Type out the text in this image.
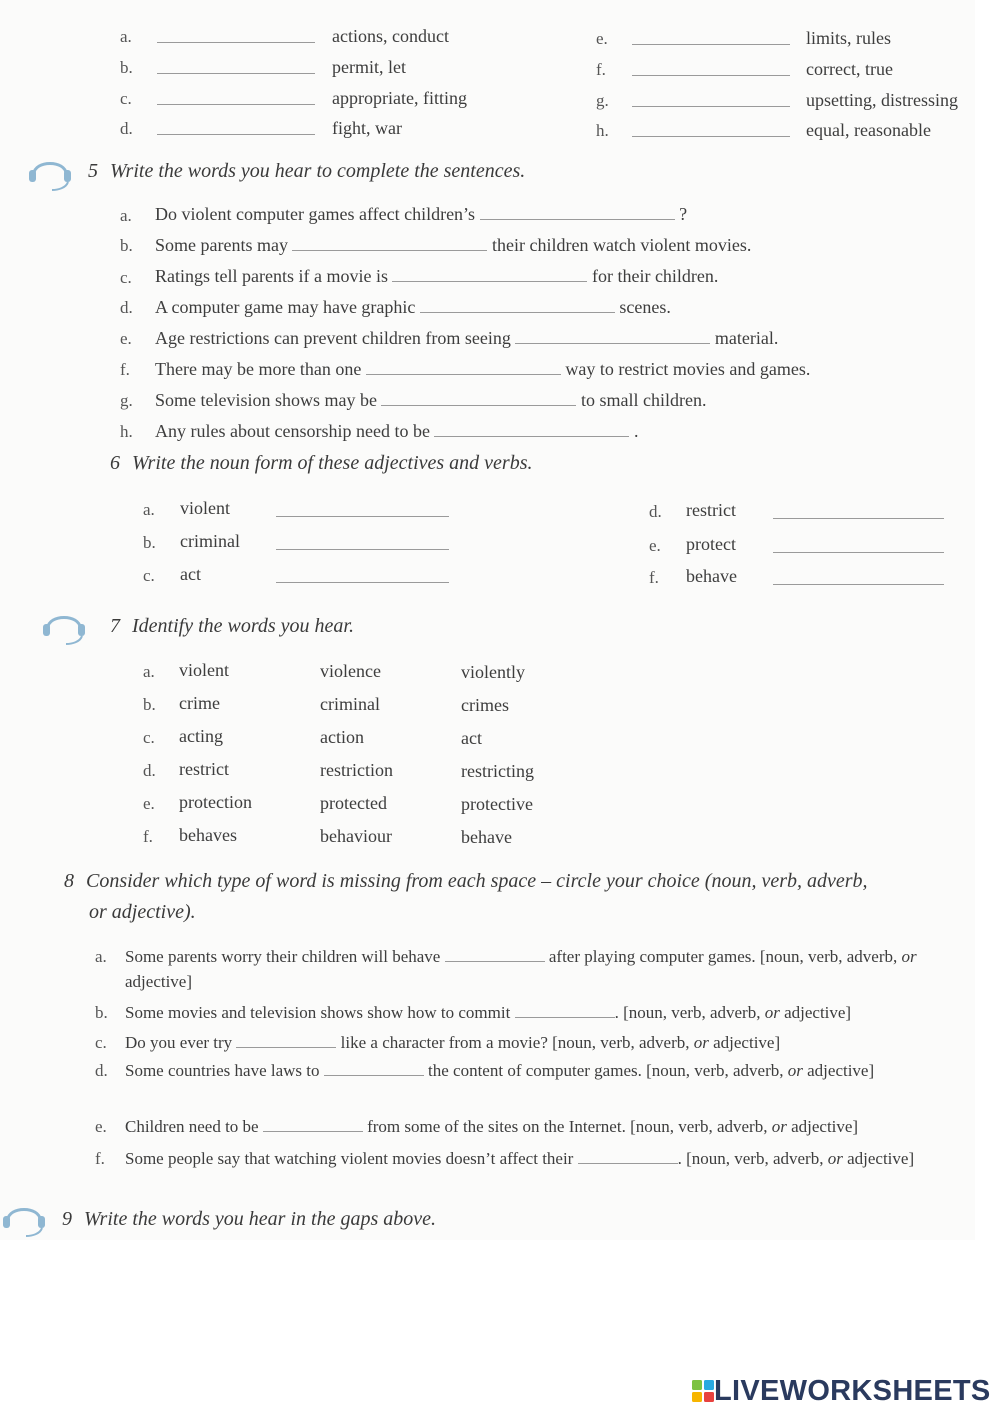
a.	actions, conduct
b.	permit, let
c.	appropriate, fitting
d.	fight, war
e.	limits, rules
f.	correct, true
g.	upsetting, distressing
h.	equal, reasonable
5 Write the words you hear to complete the sentences.
a. Do violent computer games affect children’s	?
b. Some parents may	their children watch violent movies.
c. Ratings tell parents if a movie is	for their children.
d. A computer game may have graphic	scenes.
e. Age restrictions can prevent children from seeing	material.
f. There may be more than one	way to restrict movies and games.
g. Some television shows may be	to small children.
h. Any rules about censorship need to be	.
6 Write the noun form of these adjectives and verbs.
a. violent
b. criminal
c. act
d. restrict
e. protect
f. behave
7 Identify the words you hear.
a. violent	violence	violently
b. crime	criminal	crimes
c. acting	action	act
d. restrict	restriction	restricting
e. protection	protected	protective
f. behaves	behaviour	behave
8 Consider which type of word is missing from each space – circle your choice (noun, verb, adverb,
or adjective).
a. Some parents worry their children will behave	after playing computer games. [noun, verb, adverb, or adjective]
b. Some movies and television shows show how to commit	. [noun, verb, adverb, or adjective]
c. Do you ever try	like a character from a movie? [noun, verb, adverb, or adjective]
d. Some countries have laws to	the content of computer games. [noun, verb, adverb, or adjective]
e. Children need to be	from some of the sites on the Internet. [noun, verb, adverb, or adjective]
f. Some people say that watching violent movies doesn’t affect their	. [noun, verb, adverb, or adjective]
9 Write the words you hear in the gaps above.
LIVEWORKSHEETS
